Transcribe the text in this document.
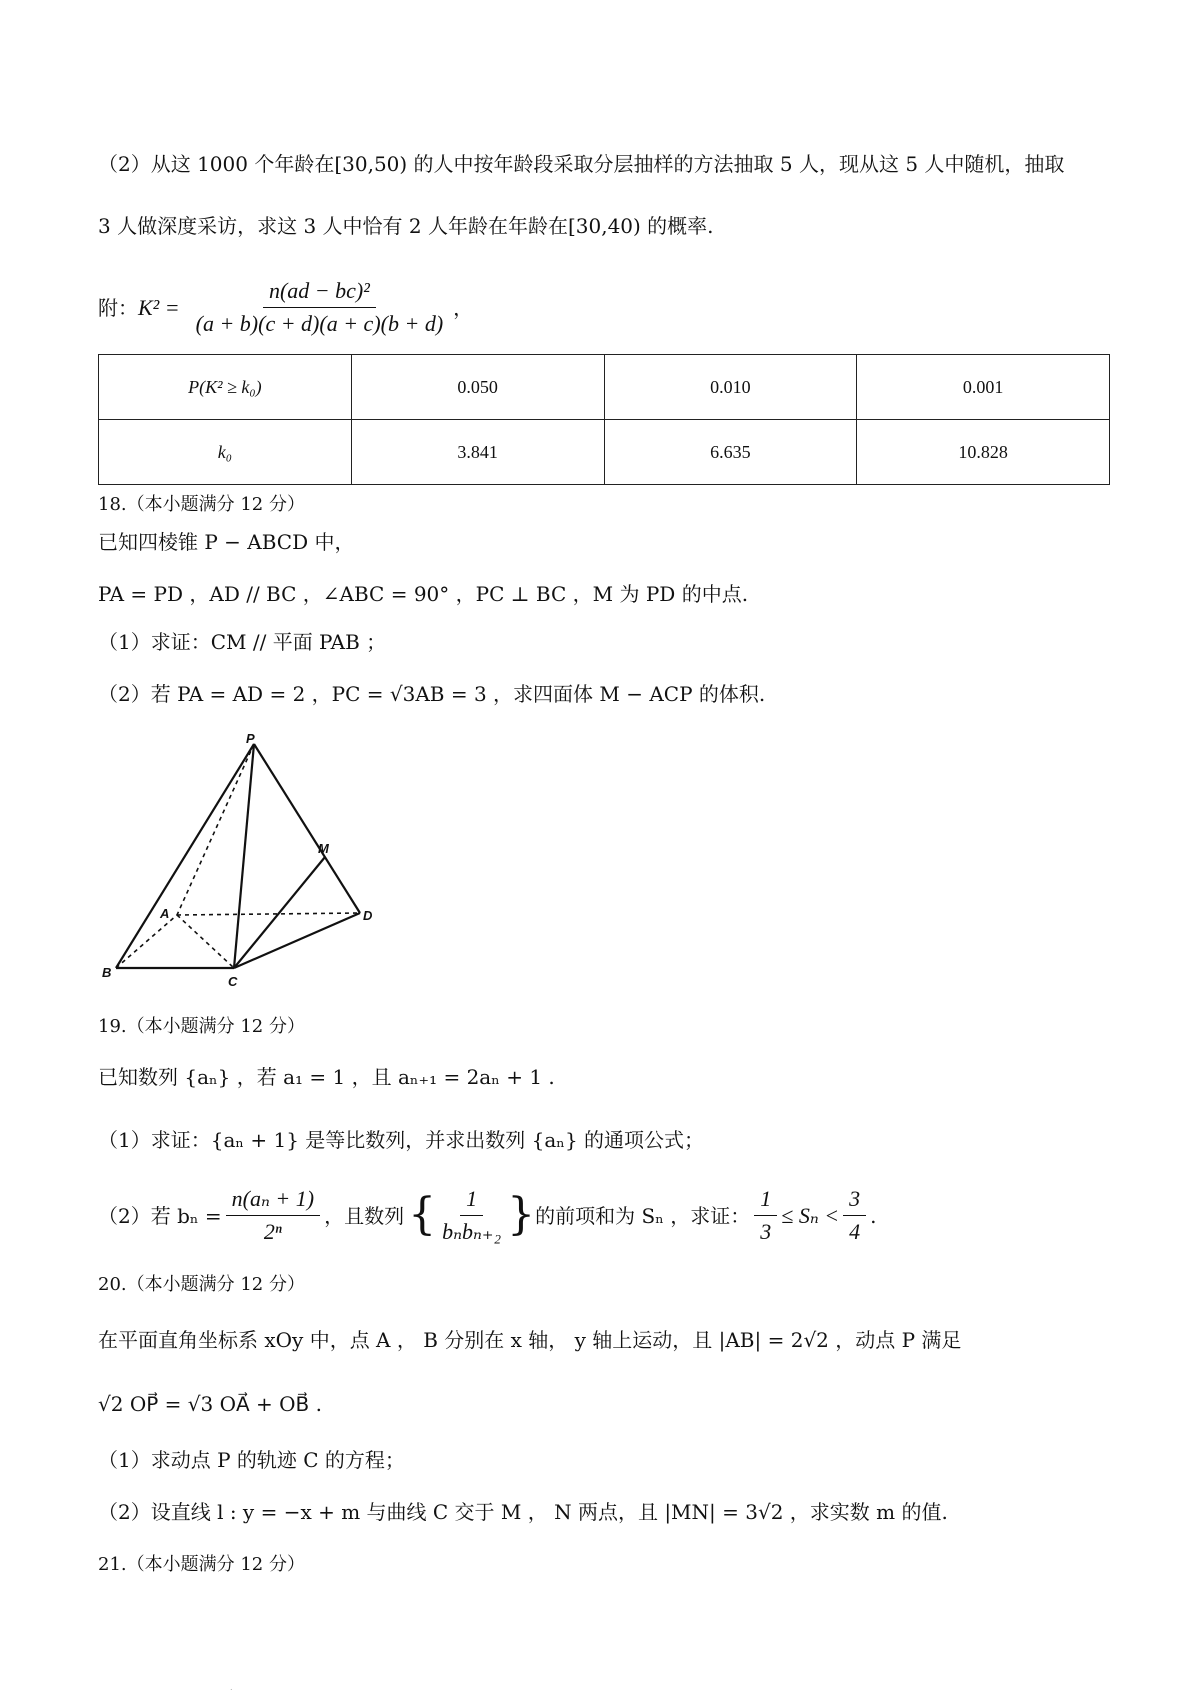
（2）从这 1000 个年龄在[30,50) 的人中按年龄段采取分层抽样的方法抽取 5 人，现从这 5 人中随机，抽取
3 人做深度采访，求这 3 人中恰有 2 人年龄在年龄在[30,40) 的概率.
附： $K^2 = \frac{\text{n(ad − bc)²}}{(a + b)(c + d)(a + c)(b + d)}$ ，
P(K² ≥ k₀)	0.050	0.010	0.001
k₀	3.841	6.635	10.828
18.（本小题满分 12 分）
已知四棱锥 P − ABCD 中，
PA = PD ，AD // BC ，∠ABC = 90° ，PC ⊥ BC ，M 为 PD 的中点.
（1）求证：CM // 平面 PAB ；
（2）若 PA = AD = 2 ，PC = √3AB = 3 ，求四面体 M − ACP 的体积.
P
M
A	D
B
C
19.（本小题满分 12 分）
已知数列 {aₙ} ，若 a₁ = 1 ，且 aₙ₊₁ = 2aₙ + 1 .
（1）求证：{aₙ + 1} 是等比数列，并求出数列 {aₙ} 的通项公式；
（2）若 $b_n = \frac{\text{n(aₙ + 1)}}{\text{2ⁿ}}$ ，且数列 { $\frac{1}{\text{bₙbₙ₊₂}}$ } 的前项和为 Sₙ ，求证： $\frac{1}{3} \le S_n < \frac{3}{4}$ .
20.（本小题满分 12 分）
在平面直角坐标系 xOy 中，点 A ， B 分别在 x 轴， y 轴上运动，且 |AB| = 2√2 ，动点 P 满足
√2 OP⃗ = √3 OA⃗ + OB⃗ .
（1）求动点 P 的轨迹 C 的方程；
（2）设直线 l : y = −x + m 与曲线 C 交于 M ， N 两点，且 |MN| = 3√2 ，求实数 m 的值.
21.（本小题满分 12 分）
.
